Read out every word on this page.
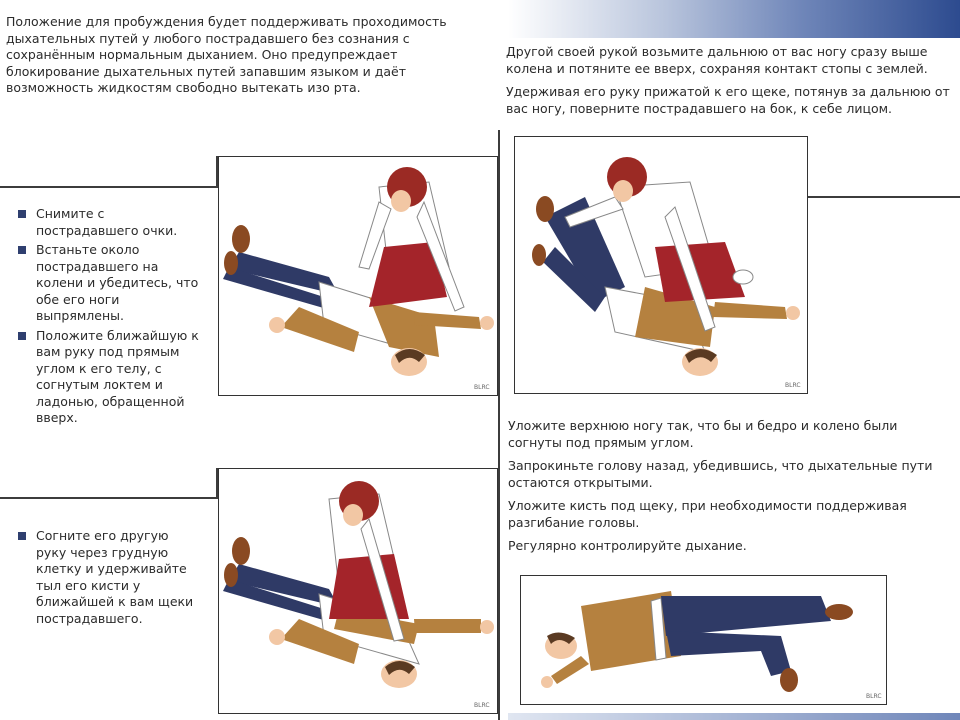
Положение для пробуждения будет поддерживать проходимость дыхательных путей у любого пострадавшего без сознания с сохранённым нормальным дыханием. Оно предупреждает блокирование дыхательных путей запавшим языком и даёт возможность жидкостям свободно вытекать изо рта.

Снимите с пострадавшего очки.
Встаньте около пострадавшего на колени и убедитесь, что обе его ноги выпрямлены.
Положите ближайшую к вам руку под прямым углом к его телу, с согнутым локтем и ладонью, обращенной вверх.
Согните его другую руку через грудную клетку и удерживайте тыл его кисти у ближайшей к вам щеки пострадавшего.

Другой своей рукой возьмите дальнюю от вас ногу сразу выше колена и потяните ее вверх, сохраняя контакт стопы с землей.

Удерживая его руку прижатой к его щеке, потянув за дальнюю от вас ногу, поверните пострадавшего на бок, к себе лицом.

Уложите верхнюю ногу так, что бы и бедро и колено были согнуты под прямым углом.

Запрокиньте голову назад, убедившись, что дыхательные пути остаются открытыми.

Уложите кисть под щеку, при необходимости поддерживая разгибание головы.

Регулярно контролируйте дыхание.

BLRC
BLRC
BLRC
BLRC
